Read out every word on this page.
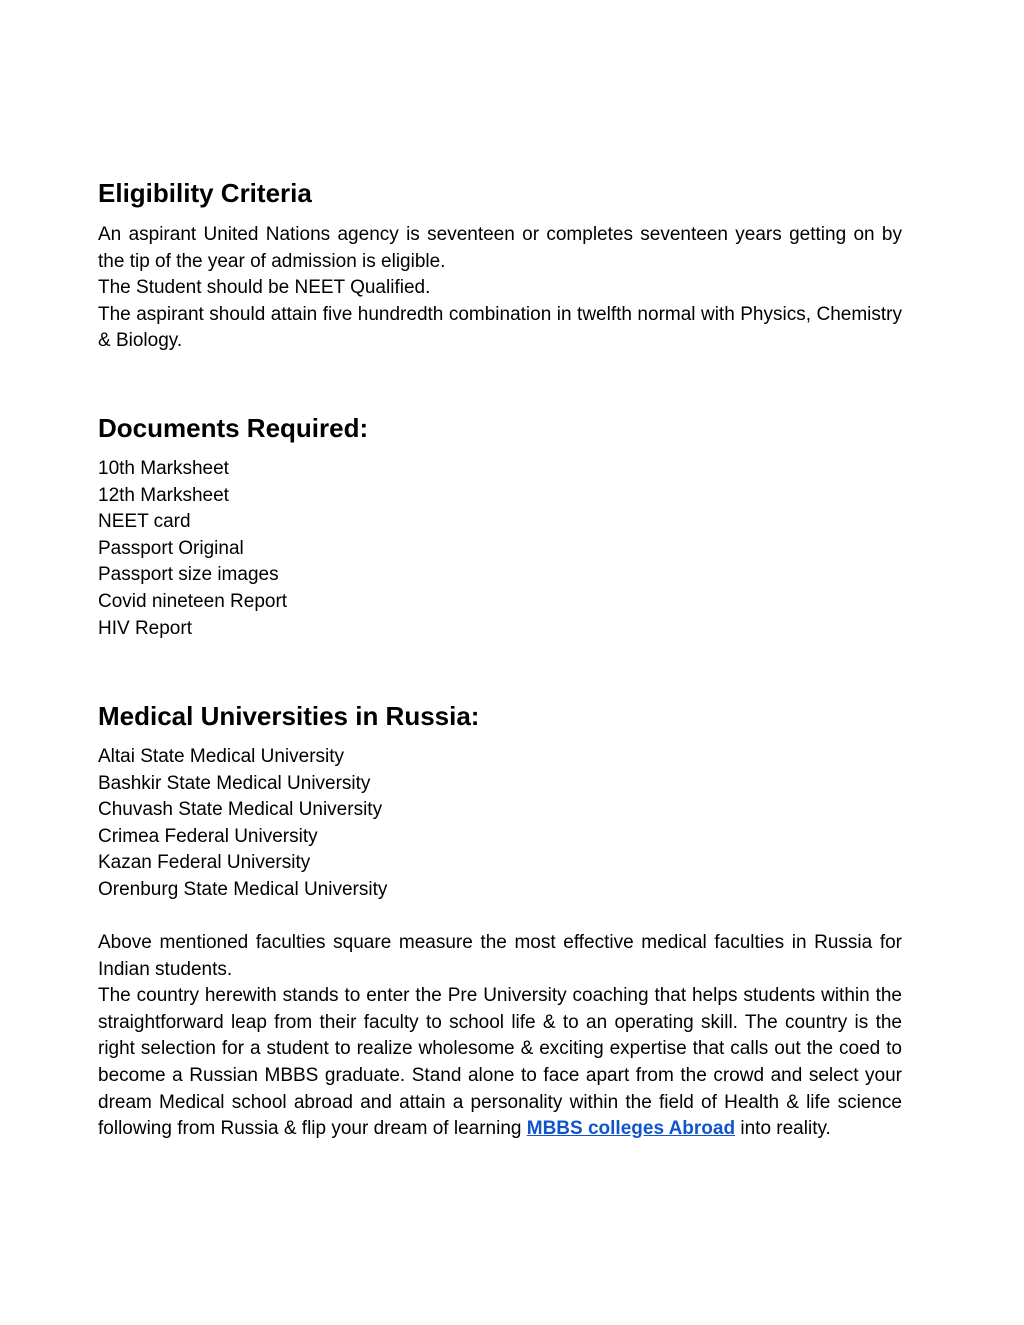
Eligibility Criteria

An aspirant United Nations agency is seventeen or completes seventeen years getting on by the tip of the year of admission is eligible.

The Student should be NEET Qualified.

The aspirant should attain five hundredth combination in twelfth normal with Physics, Chemistry & Biology.

Documents Required:
10th Marksheet
12th Marksheet
NEET card
Passport Original
Passport size images
Covid nineteen Report
HIV Report
Medical Universities in Russia:
Altai State Medical University
Bashkir State Medical University
Chuvash State Medical University
Crimea Federal University
Kazan Federal University
Orenburg State Medical University

Above mentioned faculties square measure the most effective medical faculties in Russia for Indian students.

The country herewith stands to enter the Pre University coaching that helps students within the straightforward leap from their faculty to school life & to an operating skill. The country is the right selection for a student to realize wholesome & exciting expertise that calls out the coed to become a Russian MBBS graduate. Stand alone to face apart from the crowd and select your dream Medical school abroad and attain a personality within the field of Health & life science following from Russia & flip your dream of learning MBBS colleges Abroad into reality.
